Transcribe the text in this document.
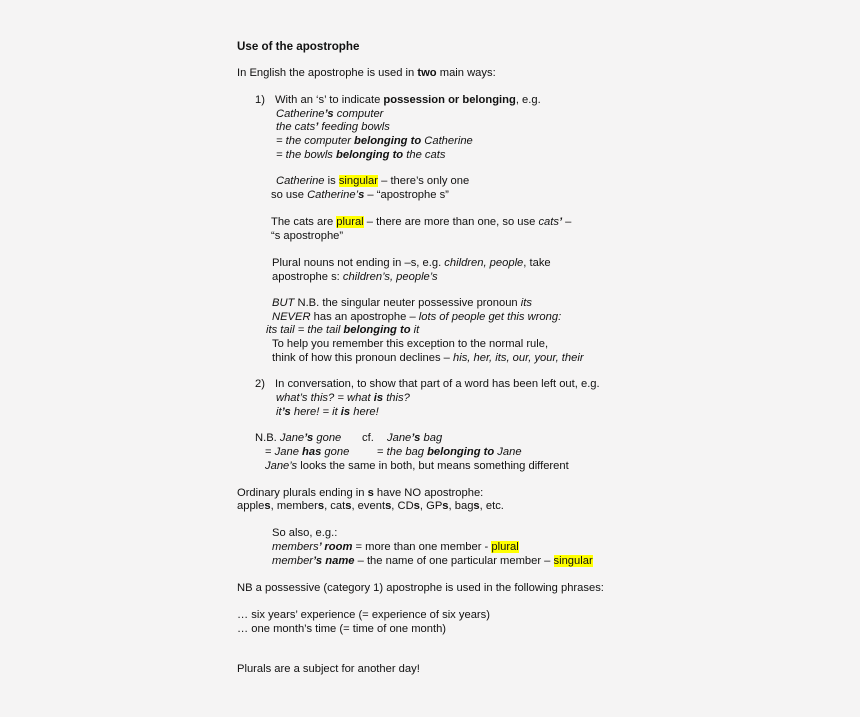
Use of the apostrophe
In English the apostrophe is used in two main ways:
1) With an ‘s’ to indicate possession or belonging, e.g.
Catherine’s computer
the cats’ feeding bowls
= the computer belonging to Catherine
= the bowls belonging to the cats
Catherine is singular – there’s only one
so use Catherine’s – “apostrophe s”
The cats are plural – there are more than one, so use cats’ –
“s apostrophe”
Plural nouns not ending in –s, e.g. children, people, take
apostrophe s: children’s, people’s
BUT N.B. the singular neuter possessive pronoun its
NEVER has an apostrophe – lots of people get this wrong:
its tail = the tail belonging to it
To help you remember this exception to the normal rule,
think of how this pronoun declines – his, her, its, our, your, their
2) In conversation, to show that part of a word has been left out, e.g.
what’s this? = what is this?
it’s here! = it is here!
N.B. Jane’s gone cf. Jane’s bag
= Jane has gone = the bag belonging to Jane
Jane’s looks the same in both, but means something different
Ordinary plurals ending in s have NO apostrophe:
apples, members, cats, events, CDs, GPs, bags, etc.
So also, e.g.:
members’ room = more than one member - plural
member’s name – the name of one particular member – singular
NB a possessive (category 1) apostrophe is used in the following phrases:
… six years’ experience (= experience of six years)
… one month’s time (= time of one month)
Plurals are a subject for another day!
